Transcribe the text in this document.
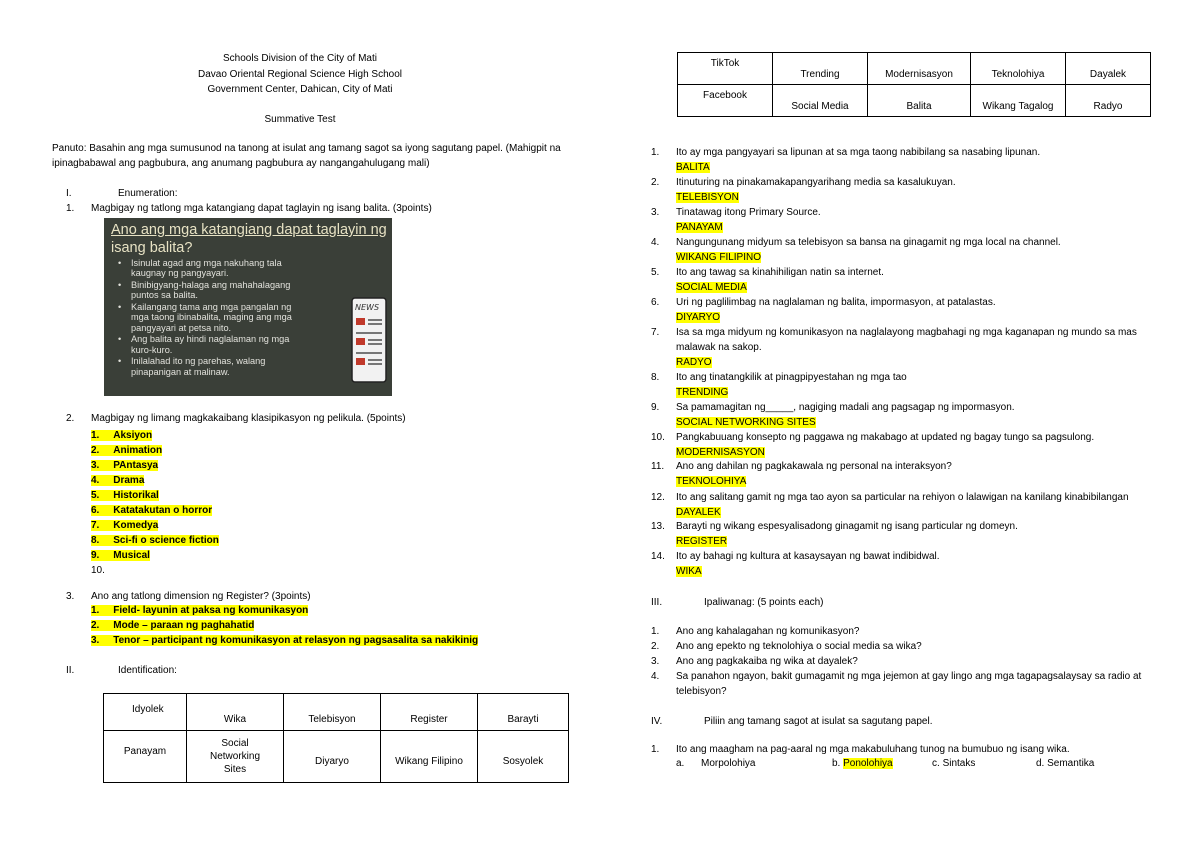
Schools Division of the City of Mati
Davao Oriental Regional Science High School
Government Center, Dahican, City of Mati
Summative Test
Panuto: Basahin ang mga sumusunod na tanong at isulat ang tamang sagot sa iyong sagutang papel. (Mahigpit na
ipinagbabawal ang pagbubura, ang anumang pagbubura ay nangangahulugang mali)
I.	Enumeration:
1. Magbigay ng tatlong mga katangiang dapat taglayin ng isang balita. (3points)
Ano ang mga katangiang dapat taglayin ng
isang balita?
• Isinulat agad ang mga nakuhang tala
kaugnay ng pangyayari.
• Binibigyang-halaga ang mahahalagang
puntos sa balita.
• Kailangang tama ang mga pangalan ng
mga taong ibinabalita, maging ang mga
pangyayari at petsa nito.
• Ang balita ay hindi naglalaman ng mga
kuro-kuro.
• Inilalahad ito ng parehas, walang
pinapanigan at malinaw.
NEWS
2. Magbigay ng limang magkakaibang klasipikasyon ng pelikula. (5points)
1. Aksiyon
2. Animation
3. PAntasya
4. Drama
5. Historikal
6. Katatakutan o horror
7. Komedya
8. Sci-fi o science fiction
9. Musical
10.
3. Ano ang tatlong dimension ng Register? (3points)
1. Field- layunin at paksa ng komunikasyon
2. Mode – paraan ng paghahatid
3. Tenor – participant ng komunikasyon at relasyon ng pagsasalita sa nakikinig
II.	Identification:
Idyolek	Wika	Telebisyon	Register	Barayti

Panayam	Social Networking Sites	Diyaryo	Wikang Filipino	Sosyolek
TikTok	Trending	Modernisasyon	Teknolohiya	Dayalek

Facebook	Social Media	Balita	Wikang Tagalog	Radyo
1. Ito ay mga pangyayari sa lipunan at sa mga taong nabibilang sa nasabing lipunan.
BALITA
2. Itinuturing na pinakamakapangyarihang media sa kasalukuyan.
TELEBISYON
3. Tinatawag itong Primary Source.
PANAYAM
4. Nangungunang midyum sa telebisyon sa bansa na ginagamit ng mga local na channel.
WIKANG FILIPINO
5. Ito ang tawag sa kinahihiligan natin sa internet.
SOCIAL MEDIA
6. Uri ng paglilimbag na naglalaman ng balita, impormasyon, at patalastas.
DIYARYO
7. Isa sa mga midyum ng komunikasyon na naglalayong magbahagi ng mga kaganapan ng mundo sa mas
malawak na sakop.
RADYO
8. Ito ang tinatangkilik at pinagpipyestahan ng mga tao
TRENDING
9. Sa pamamagitan ng_____, nagiging madali ang pagsagap ng impormasyon.
SOCIAL NETWORKING SITES
10. Pangkabuuang konsepto ng paggawa ng makabago at updated ng bagay tungo sa pagsulong.
MODERNISASYON
11. Ano ang dahilan ng pagkakawala ng personal na interaksyon?
TEKNOLOHIYA
12. Ito ang salitang gamit ng mga tao ayon sa particular na rehiyon o lalawigan na kanilang kinabibilangan
DAYALEK
13. Barayti ng wikang espesyalisadong ginagamit ng isang particular ng domeyn.
REGISTER
14. Ito ay bahagi ng kultura at kasaysayan ng bawat indibidwal.
WIKA
III.	Ipaliwanag: (5 points each)
1. Ano ang kahalagahan ng komunikasyon?
2. Ano ang epekto ng teknolohiya o social media sa wika?
3. Ano ang pagkakaiba ng wika at dayalek?
4. Sa panahon ngayon, bakit gumagamit ng mga jejemon at gay lingo ang mga tagapagsalaysay sa radio at
telebisyon?
IV.	Piliin ang tamang sagot at isulat sa sagutang papel.
1. Ito ang maagham na pag-aaral ng mga makabuluhang tunog na bumubuo ng isang wika.
a. Morpolohiya	b. Ponolohiya	c. Sintaks	d. Semantika
